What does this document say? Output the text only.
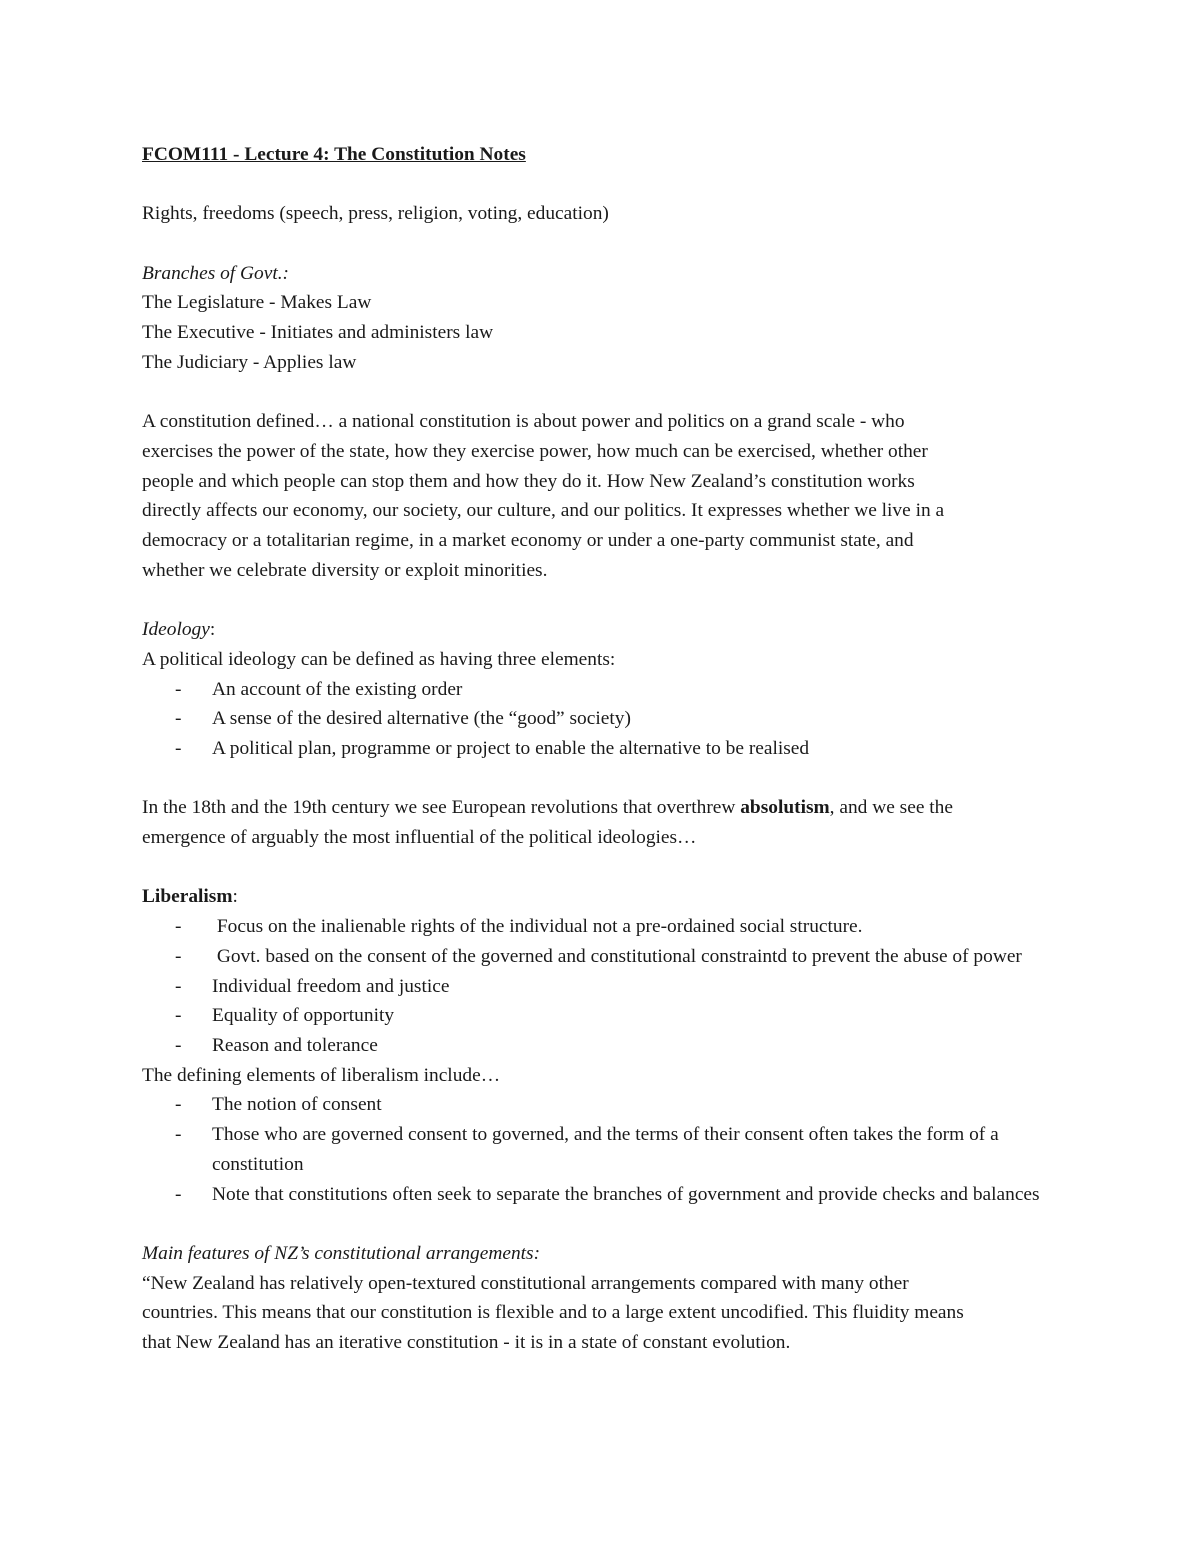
FCOM111 - Lecture 4: The Constitution Notes
Rights, freedoms (speech, press, religion, voting, education)
Branches of Govt.:
The Legislature - Makes Law
The Executive - Initiates and administers law
The Judiciary - Applies law
A constitution defined… a national constitution is about power and politics on a grand scale - who
exercises the power of the state, how they exercise power, how much can be exercised, whether other
people and which people can stop them and how they do it. How New Zealand’s constitution works
directly affects our economy, our society, our culture, and our politics. It expresses whether we live in a
democracy or a totalitarian regime, in a market economy or under a one-party communist state, and
whether we celebrate diversity or exploit minorities.
Ideology:
A political ideology can be defined as having three elements:
- An account of the existing order
- A sense of the desired alternative (the “good” society)
- A political plan, programme or project to enable the alternative to be realised
In the 18th and the 19th century we see European revolutions that overthrew absolutism, and we see the
emergence of arguably the most influential of the political ideologies…
Liberalism:
- Focus on the inalienable rights of the individual not a pre-ordained social structure.
- Govt. based on the consent of the governed and constitutional constraintd to prevent the abuse of power
- Individual freedom and justice
- Equality of opportunity
- Reason and tolerance
The defining elements of liberalism include…
- The notion of consent
- Those who are governed consent to governed, and the terms of their consent often takes the form of a constitution
- Note that constitutions often seek to separate the branches of government and provide checks and balances
Main features of NZ’s constitutional arrangements:
“New Zealand has relatively open-textured constitutional arrangements compared with many other
countries. This means that our constitution is flexible and to a large extent uncodified. This fluidity means
that New Zealand has an iterative constitution - it is in a state of constant evolution.
